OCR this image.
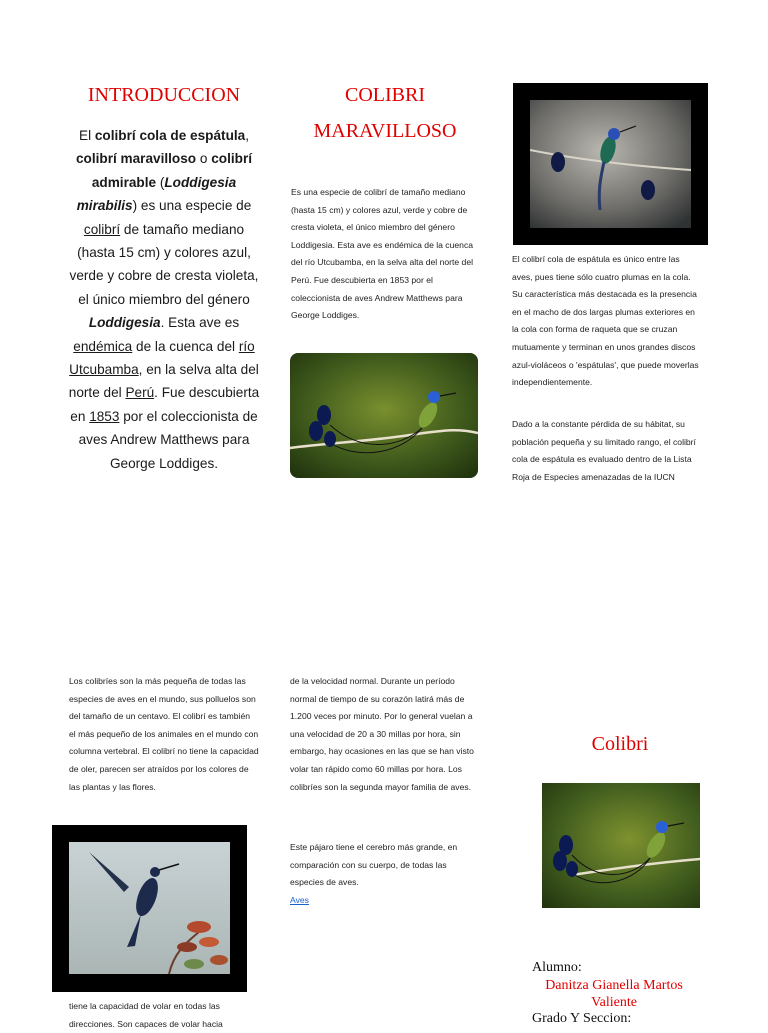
INTRODUCCION
El colibrí cola de espátula, colibrí maravilloso o colibrí admirable (Loddigesia mirabilis) es una especie de colibrí de tamaño mediano (hasta 15 cm) y colores azul, verde y cobre de cresta violeta, el único miembro del género Loddigesia. Esta ave es endémica de la cuenca del río Utcubamba, en la selva alta del norte del Perú. Fue descubierta en 1853 por el coleccionista de aves Andrew Matthews para George Loddiges.
Los colibríes son la más pequeña de todas las especies de aves en el mundo, sus polluelos son del tamaño de un centavo. El colibrí es también el más pequeño de los animales en el mundo con columna vertebral. El colibrí no tiene la capacidad de oler, parecen ser atraídos por los colores de las plantas y las flores.
tiene la capacidad de volar en todas las direcciones. Son capaces de volar hacia
COLIBRI
MARAVILLOSO
Es una especie de colibrí de tamaño mediano (hasta 15 cm) y colores azul, verde y cobre de cresta violeta, el único miembro del género Loddigesia. Esta ave es endémica de la cuenca del río Utcubamba, en la selva alta del norte del Perú. Fue descubierta en 1853 por el coleccionista de aves Andrew Matthews para George Loddiges.
de la velocidad normal. Durante un período normal de tiempo de su corazón latirá más de 1.200 veces por minuto. Por lo general vuelan a una velocidad de 20 a 30 millas por hora, sin embargo, hay ocasiones en las que se han visto volar tan rápido como 60 millas por hora. Los colibríes son la segunda mayor familia de aves.
Este pájaro tiene el cerebro más grande, en comparación con su cuerpo, de todas las especies de aves.
Aves
El colibrí cola de espátula es único entre las aves, pues tiene sólo cuatro plumas en la cola. Su característica más destacada es la presencia en el macho de dos largas plumas exteriores en la cola con forma de raqueta que se cruzan mutuamente y terminan en unos grandes discos azul-violáceos o 'espátulas', que puede moverlas independientemente.
Dado a la constante pérdida de su hábitat, su población pequeña y su limitado rango, el colibrí cola de espátula es evaluado dentro de la Lista Roja de Especies amenazadas de la IUCN
Colibri
Alumno:
Danitza Gianella Martos Valiente
Grado Y Seccion:
